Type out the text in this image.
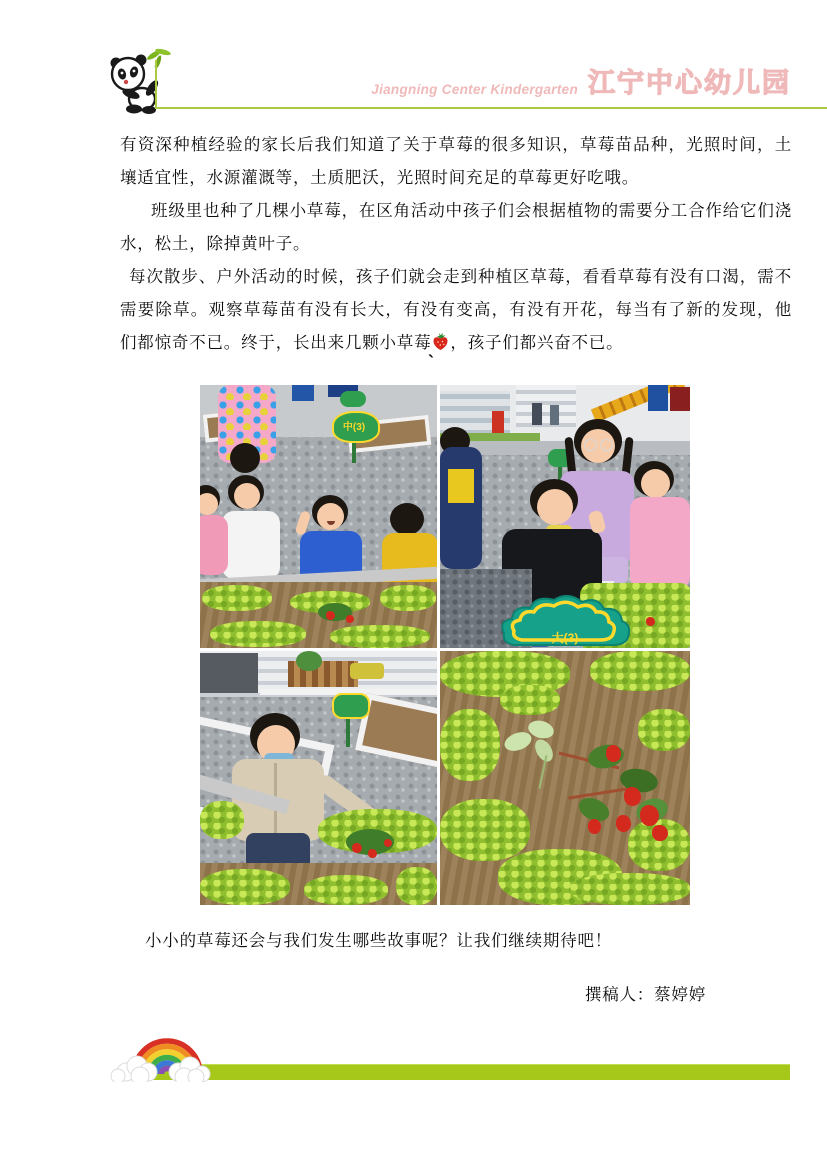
Jiangning Center Kindergarten 江宁中心幼儿园

有资深种植经验的家长后我们知道了关于草莓的很多知识，草莓苗品种，光照时间，土壤适宜性，水源灌溉等，土质肥沃，光照时间充足的草莓更好吃哦。

班级里也种了几棵小草莓，在区角活动中孩子们会根据植物的需要分工合作给它们浇水，松土，除掉黄叶子。

每次散步、户外活动的时候，孩子们就会走到种植区草莓，看看草莓有没有口渴，需不需要除草。观察草莓苗有没有长大，有没有变高，有没有开花，每当有了新的发现，他们都惊奇不已。终于，长出来几颗小草莓 ，孩子们都兴奋不已。

`
中(3)
大(3)

小小的草莓还会与我们发生哪些故事呢？让我们继续期待吧！

撰稿人：蔡婷婷
